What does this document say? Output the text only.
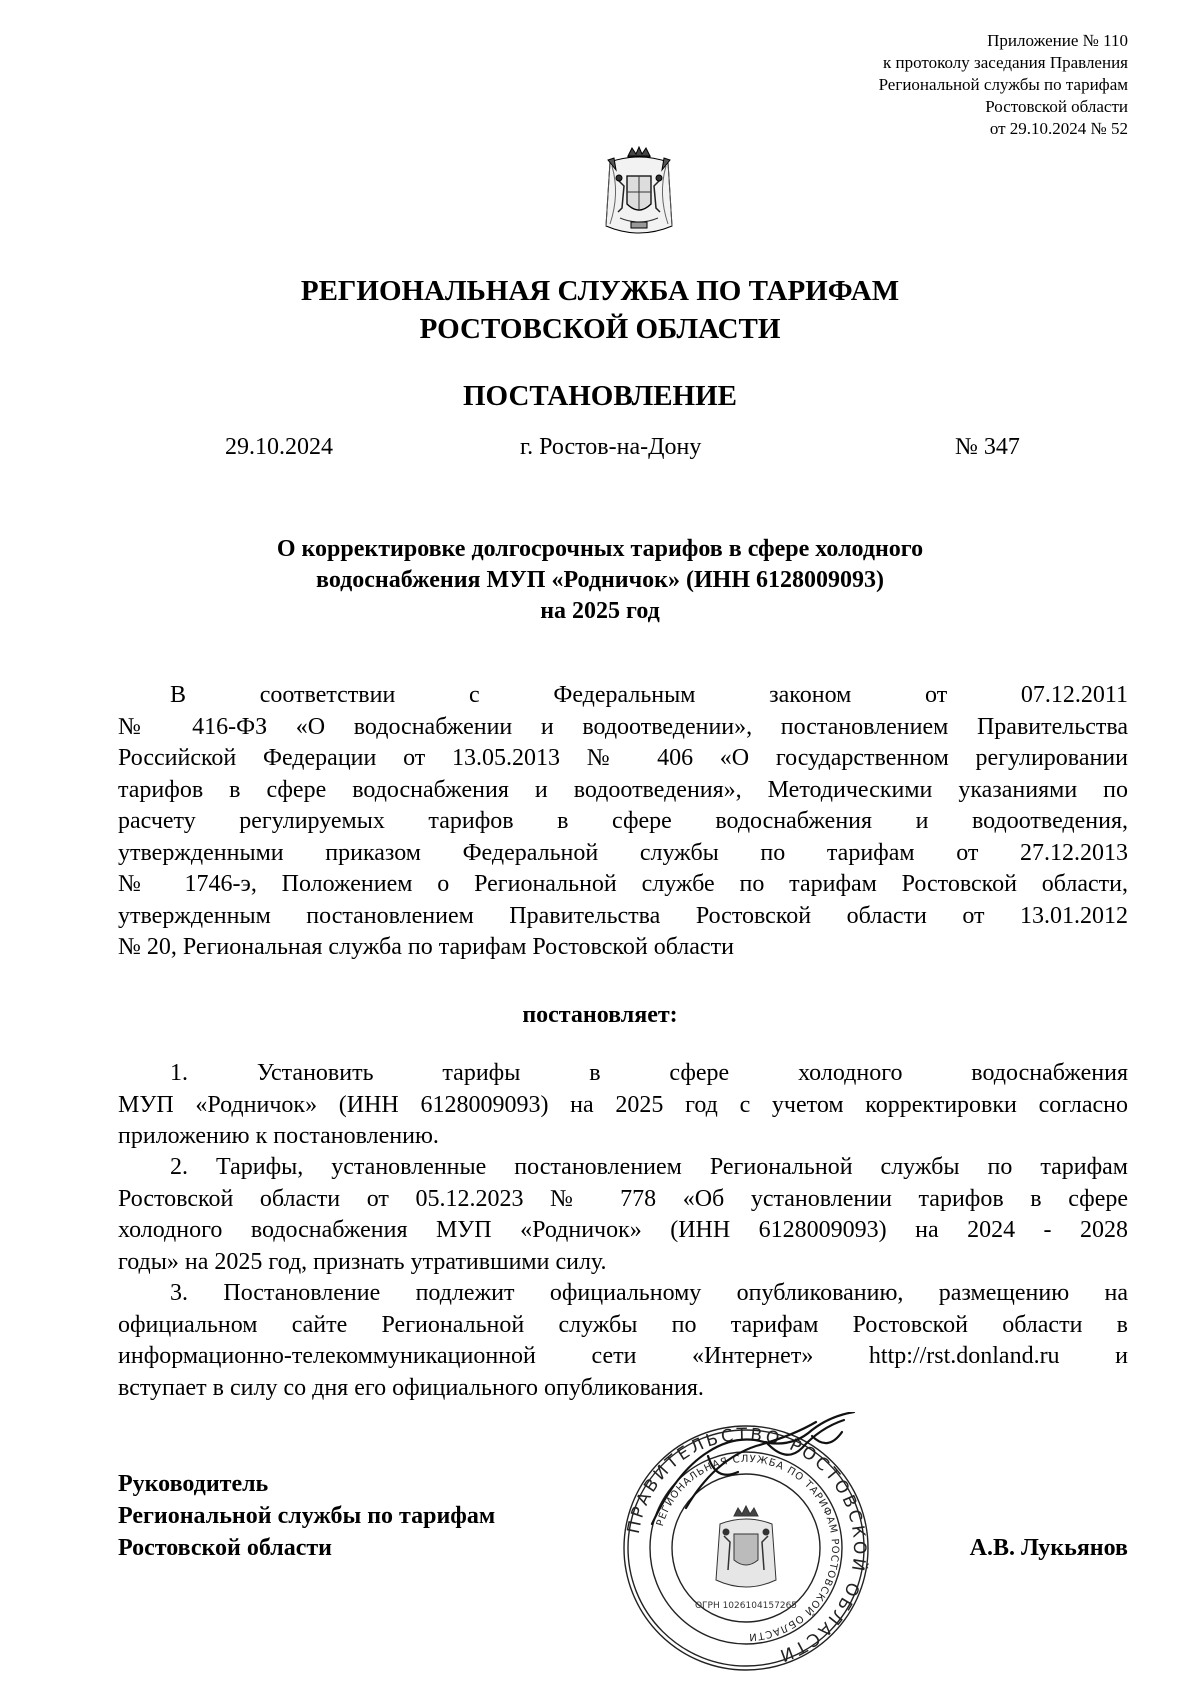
Приложение № 110
к протоколу заседания Правления
Региональной службы по тарифам
Ростовской области
от 29.10.2024 № 52
РЕГИОНАЛЬНАЯ СЛУЖБА ПО ТАРИФАМ
РОСТОВСКОЙ ОБЛАСТИ
ПОСТАНОВЛЕНИЕ
29.10.2024	г. Ростов-на-Дону	№ 347
О корректировке долгосрочных тарифов в сфере холодного
водоснабжения МУП «Родничок» (ИНН 6128009093)
на 2025 год
В соответствии с Федеральным законом от 07.12.2011
№ 416-ФЗ «О водоснабжении и водоотведении», постановлением Правительства
Российской Федерации от 13.05.2013 № 406 «О государственном регулировании
тарифов в сфере водоснабжения и водоотведения», Методическими указаниями по
расчету регулируемых тарифов в сфере водоснабжения и водоотведения,
утвержденными приказом Федеральной службы по тарифам от 27.12.2013
№ 1746-э, Положением о Региональной службе по тарифам Ростовской области,
утвержденным постановлением Правительства Ростовской области от 13.01.2012
№ 20, Региональная служба по тарифам Ростовской области
постановляет:
1. Установить тарифы в сфере холодного водоснабжения
МУП «Родничок» (ИНН 6128009093) на 2025 год с учетом корректировки согласно
приложению к постановлению.
2. Тарифы, установленные постановлением Региональной службы по тарифам
Ростовской области от 05.12.2023 № 778 «Об установлении тарифов в сфере
холодного водоснабжения МУП «Родничок» (ИНН 6128009093) на 2024 - 2028
годы» на 2025 год, признать утратившими силу.
3. Постановление подлежит официальному опубликованию, размещению на
официальном сайте Региональной службы по тарифам Ростовской области в
информационно-телекоммуникационной сети «Интернет» http://rst.donland.ru и
вступает в силу со дня его официального опубликования.
Руководитель
Региональной службы по тарифам
Ростовской области	А.В. Лукьянов
ПРАВИТЕЛЬСТВО РОСТОВСКОЙ ОБЛАСТИ
РЕГИОНАЛЬНАЯ СЛУЖБА ПО ТАРИФАМ РОСТОВСКОЙ ОБЛАСТИ
ОГРН 1026104157265
